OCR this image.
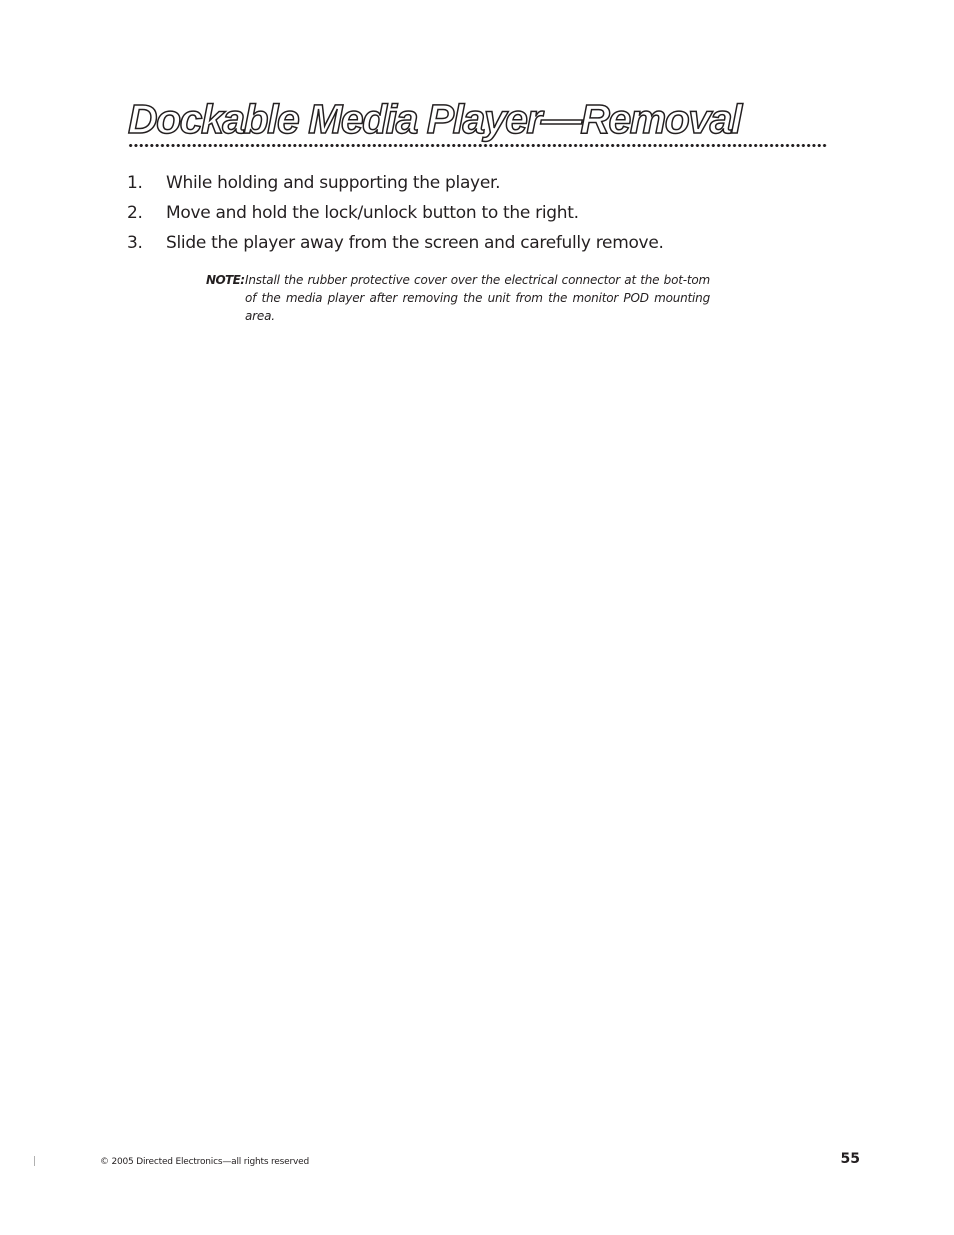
Dockable Media Player—Removal
1.	While holding and supporting the player.
2.	Move and hold the lock/unlock button to the right.
3.	Slide the player away from the screen and carefully remove.
NOTE: Install the rubber protective cover over the electrical connector at the bot-tom of the media player after removing the unit from the monitor POD mounting area.
© 2005 Directed Electronics—all rights reserved	55
